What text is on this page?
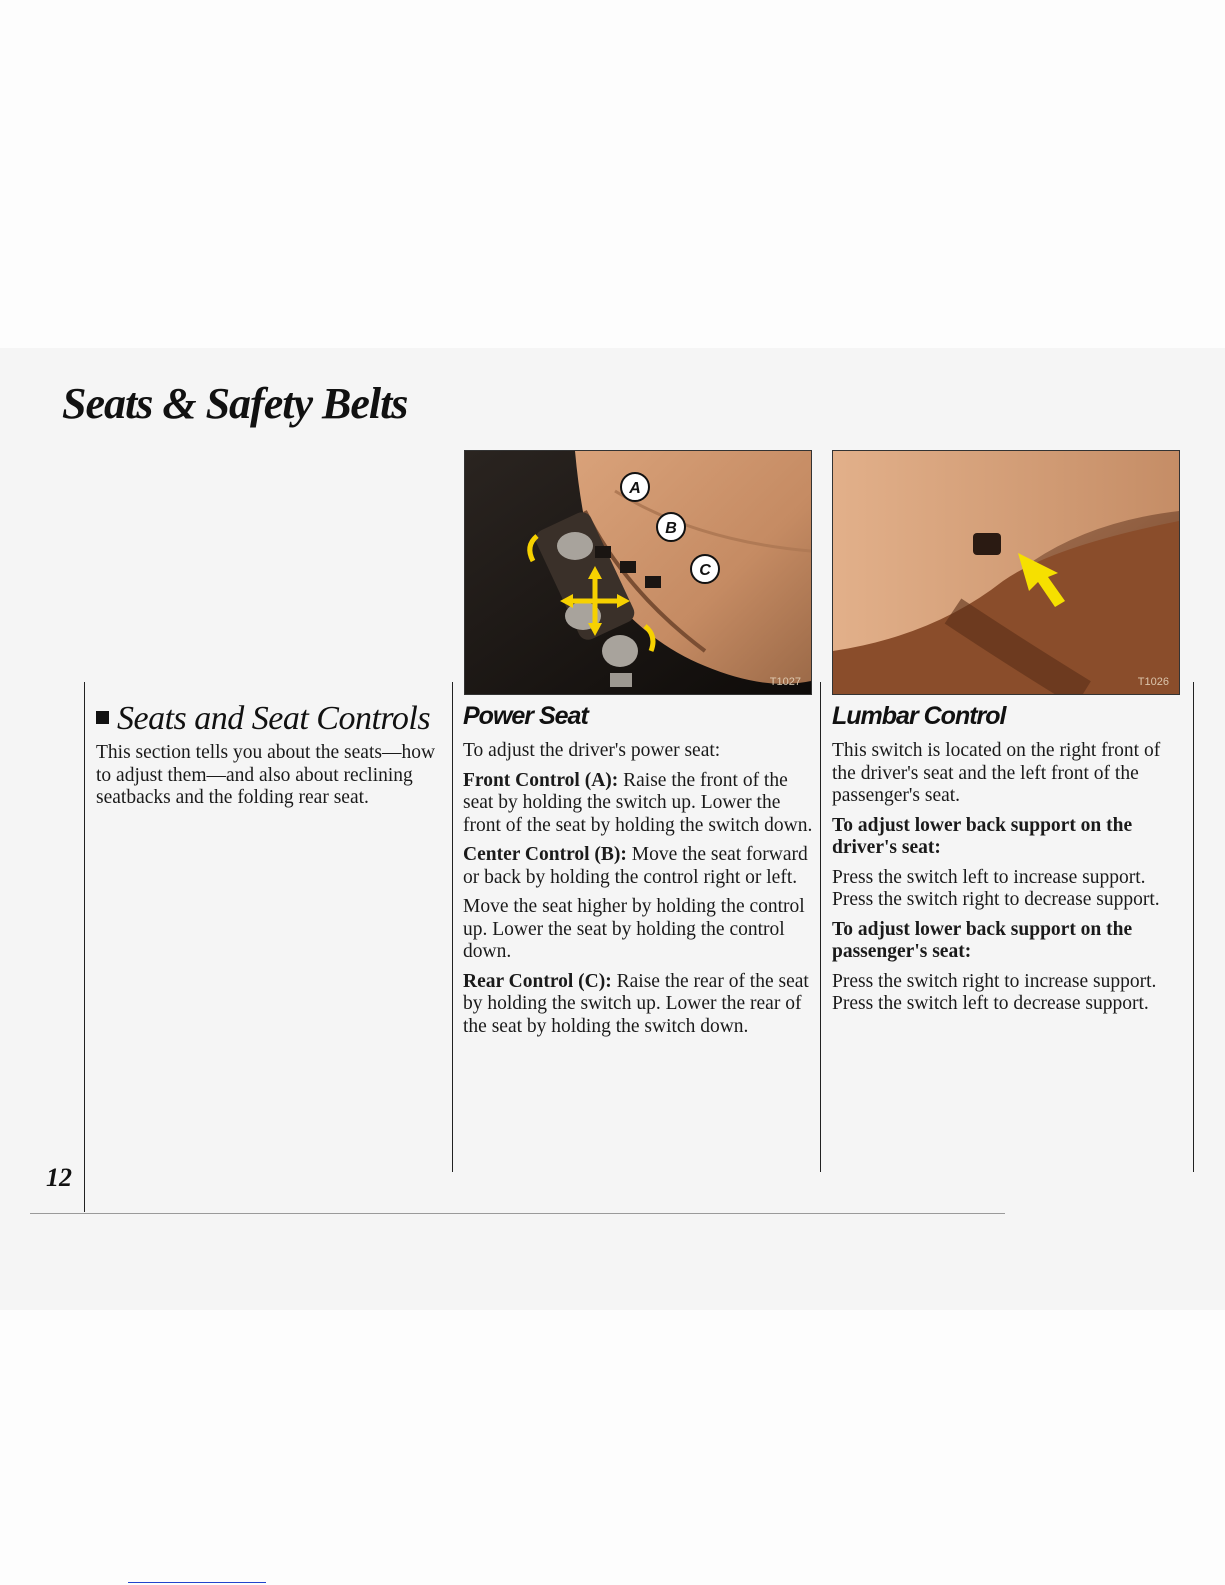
Seats & Safety Belts
12
Seats and Seat Controls

This section tells you about the seats—how to adjust them—and also about reclining seatbacks and the folding rear seat.

A
B
C
T1027	T1026
Power Seat

To adjust the driver's power seat:

Front Control (A): Raise the front of the seat by holding the switch up. Lower the front of the seat by holding the switch down.

Center Control (B): Move the seat forward or back by holding the control right or left.

Move the seat higher by holding the control up. Lower the seat by holding the control down.

Rear Control (C): Raise the rear of the seat by holding the switch up. Lower the rear of the seat by holding the switch down.

Lumbar Control

This switch is located on the right front of the driver's seat and the left front of the passenger's seat.

To adjust lower back support on the driver's seat:

Press the switch left to increase support. Press the switch right to decrease support.

To adjust lower back support on the passenger's seat:

Press the switch right to increase support. Press the switch left to decrease support.
